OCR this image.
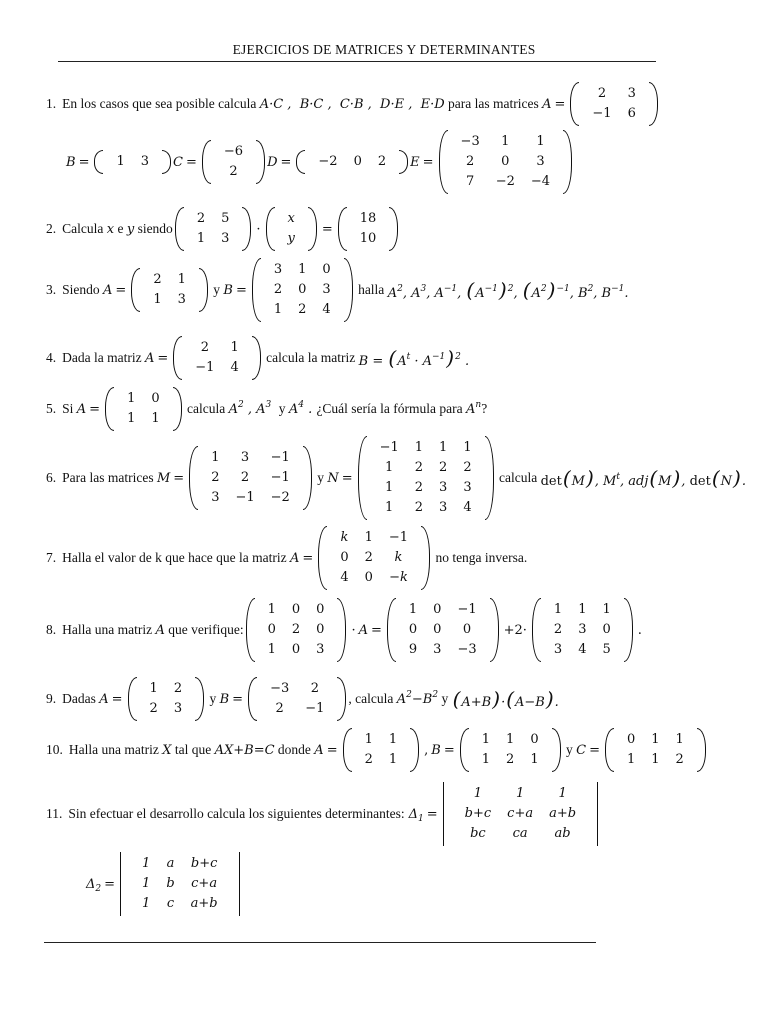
EJERCICIOS DE MATRICES Y DETERMINANTES
1. En los casos que sea posible calcula A·C ,  B·C ,  C·B ,  D·E ,  E·D para las matrices A =
2	3
−1	6
B = 1	3 C =
−6
2
D = −2	0	2 E =
−3	1	1
2	0	3
7	−2	−4
2. Calcula x e y siendo
2	5
1	3
·
x
y
=
18
10
3. Siendo A =
2	1
1	3
y B =
3	1	0
2	0	3
1	2	4
halla $A^2$, $A^3$, $A^{-1}$, $(A^{-1})^2$, $(A^2)^{-1}$, $B^2$, $B^{-1}$.
4. Dada la matriz A =
2	1
−1	4
calcula la matriz $B = (A^t \cdot A^{-1})^2$ .
5. Si A =
1	0
1	1
calcula $A^2$ , $A^3$ y $A^4$ . ¿Cuál sería la fórmula para $A^n$ ?
6. Para las matrices M =
1	3	−1
2	2	−1
3	−1	−2
y N =
−1	1	1	1
1	2	2	2
1	2	3	3
1	2	3	4
calcula det(M), $M^t$, adj(M), det(N).
7. Halla el valor de k que hace que la matriz A =
k	1	−1
0	2	k
4	0	−k
no tenga inversa.
8. Halla una matriz A que verifique:
1	0	0
0	2	0
1	0	3
· A =
1	0	−1
0	0	0
9	3	−3
+2·
1	1	1
2	3	0
3	4	5
.
9. Dadas A =
1	2
2	3
y B =
−3	2
2	−1
, calcula $A^2-B^2$ y (A+B)·(A−B).
10. Halla una matriz X tal que AX+B=C donde A =
1	1
2	1
, B =
1	1	0
1	2	1
y C =
0	1	1
1	1	2
11. Sin efectuar el desarrollo calcula los siguientes determinantes: $\Delta_1$ =
1	1	1
b+c	c+a	a+b
bc	ca	ab
$\Delta_2$ =
1	a	b+c
1	b	c+a
1	c	a+b
